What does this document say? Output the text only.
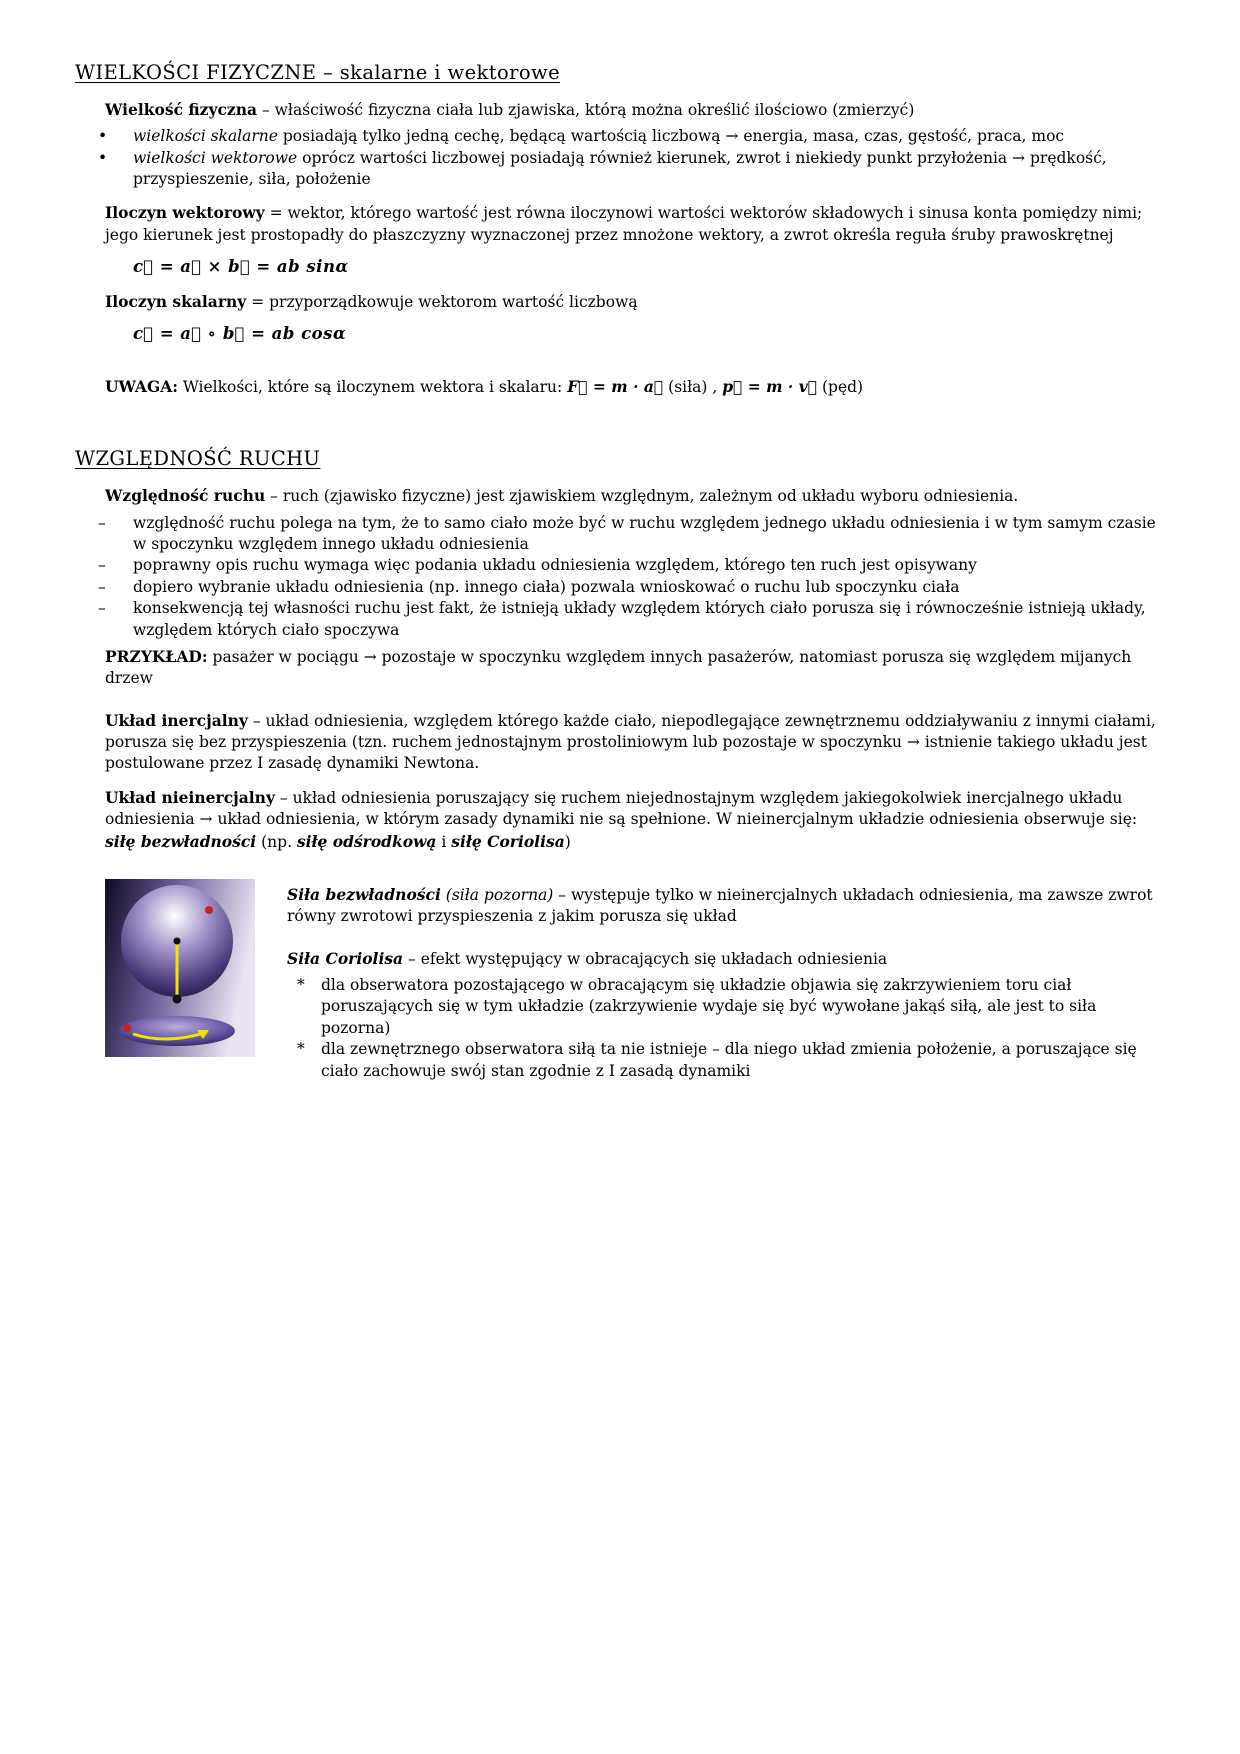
WIELKOŚCI FIZYCZNE – skalarne i wektorowe

Wielkość fizyczna – właściwość fizyczna ciała lub zjawiska, którą można określić ilościowo (zmierzyć)

•	wielkości skalarne posiadają tylko jedną cechę, będącą wartością liczbową → energia, masa, czas, gęstość, praca, moc
•	wielkości wektorowe oprócz wartości liczbowej posiadają również kierunek, zwrot i niekiedy punkt przyłożenia → prędkość, przyspieszenie, siła, położenie

Iloczyn wektorowy = wektor, którego wartość jest równa iloczynowi wartości wektorów składowych i sinusa konta pomiędzy nimi; jego kierunek jest prostopadły do płaszczyzny wyznaczonej przez mnożone wektory, a zwrot określa reguła śruby prawoskrętnej

c⃗ = a⃗ × b⃗ = ab sinα

Iloczyn skalarny = przyporządkowuje wektorom wartość liczbową

c⃗ = a⃗ ∘ b⃗ = ab cosα

UWAGA: Wielkości, które są iloczynem wektora i skalaru: F⃗ = m · a⃗ (siła) , p⃗ = m · v⃗ (pęd)

WZGLĘDNOŚĆ RUCHU

Względność ruchu – ruch (zjawisko fizyczne) jest zjawiskiem względnym, zależnym od układu wyboru odniesienia.

–	względność ruchu polega na tym, że to samo ciało może być w ruchu względem jednego układu odniesienia i w tym samym czasie w spoczynku względem innego układu odniesienia
–	poprawny opis ruchu wymaga więc podania układu odniesienia względem, którego ten ruch jest opisywany
–	dopiero wybranie układu odniesienia (np. innego ciała) pozwala wnioskować o ruchu lub spoczynku ciała
–	konsekwencją tej własności ruchu jest fakt, że istnieją układy względem których ciało porusza się i równocześnie istnieją układy, względem których ciało spoczywa

PRZYKŁAD: pasażer w pociągu → pozostaje w spoczynku względem innych pasażerów, natomiast porusza się względem mijanych drzew

Układ inercjalny – układ odniesienia, względem którego każde ciało, niepodlegające zewnętrznemu oddziaływaniu z innymi ciałami, porusza się bez przyspieszenia (tzn. ruchem jednostajnym prostoliniowym lub pozostaje w spoczynku → istnienie takiego układu jest postulowane przez I zasadę dynamiki Newtona.

Układ nieinercjalny – układ odniesienia poruszający się ruchem niejednostajnym względem jakiegokolwiek inercjalnego układu odniesienia → układ odniesienia, w którym zasady dynamiki nie są spełnione. W nieinercjalnym układzie odniesienia obserwuje się: siłę bezwładności (np. siłę odśrodkową i siłę Coriolisa)

Siła bezwładności (siła pozorna) – występuje tylko w nieinercjalnych układach odniesienia, ma zawsze zwrot równy zwrotowi przyspieszenia z jakim porusza się układ

Siła Coriolisa – efekt występujący w obracających się układach odniesienia

*	dla obserwatora pozostającego w obracającym się układzie objawia się zakrzywieniem toru ciał poruszających się w tym układzie (zakrzywienie wydaje się być wywołane jakąś siłą, ale jest to siła pozorna)
*	dla zewnętrznego obserwatora siłą ta nie istnieje – dla niego układ zmienia położenie, a poruszające się ciało zachowuje swój stan zgodnie z I zasadą dynamiki
